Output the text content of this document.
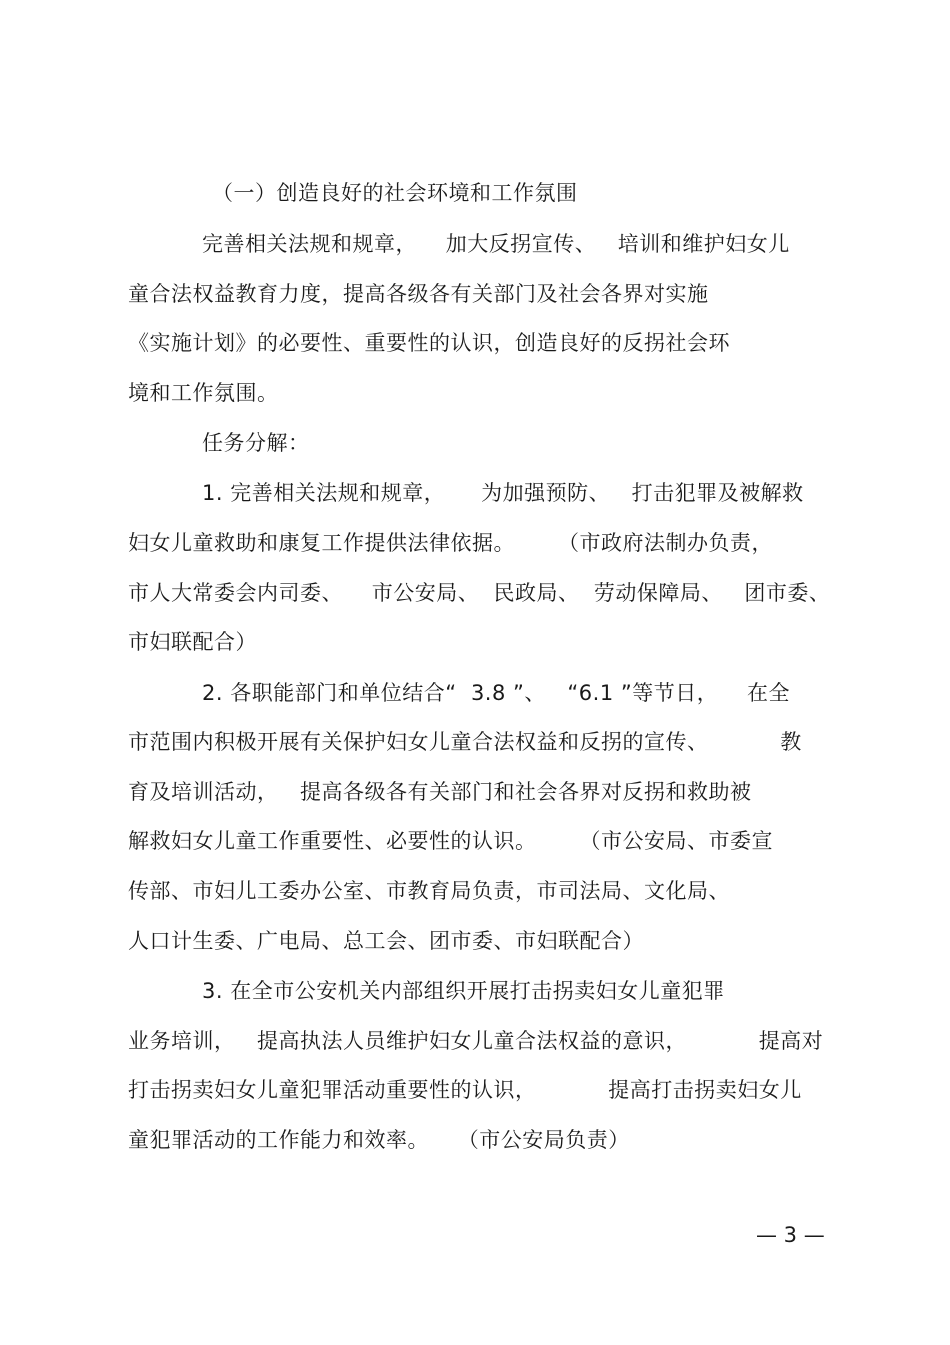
（一）创造良好的社会环境和工作氛围
完善相关法规和规章，    加大反拐宣传、   培训和维护妇女儿
童合法权益教育力度，提高各级各有关部门及社会各界对实施
《实施计划》的必要性、重要性的认识，创造良好的反拐社会环
境和工作氛围。
任务分解：
1. 完善相关法规和规章，     为加强预防、   打击犯罪及被解救
妇女儿童救助和康复工作提供法律依据。      （市政府法制办负责，
市人大常委会内司委、    市公安局、  民政局、  劳动保障局、   团市委、
市妇联配合）
2. 各职能部门和单位结合“  3.8 ”、   “6.1 ”等节日，    在全
市范围内积极开展有关保护妇女儿童合法权益和反拐的宣传、          教
育及培训活动，   提高各级各有关部门和社会各界对反拐和救助被
解救妇女儿童工作重要性、必要性的认识。      （市公安局、市委宣
传部、市妇儿工委办公室、市教育局负责，市司法局、文化局、
人口计生委、广电局、总工会、团市委、市妇联配合）
3. 在全市公安机关内部组织开展打击拐卖妇女儿童犯罪
业务培训，   提高执法人员维护妇女儿童合法权益的意识，          提高对
打击拐卖妇女儿童犯罪活动重要性的认识，          提高打击拐卖妇女儿
童犯罪活动的工作能力和效率。    （市公安局负责）
— 3 —
